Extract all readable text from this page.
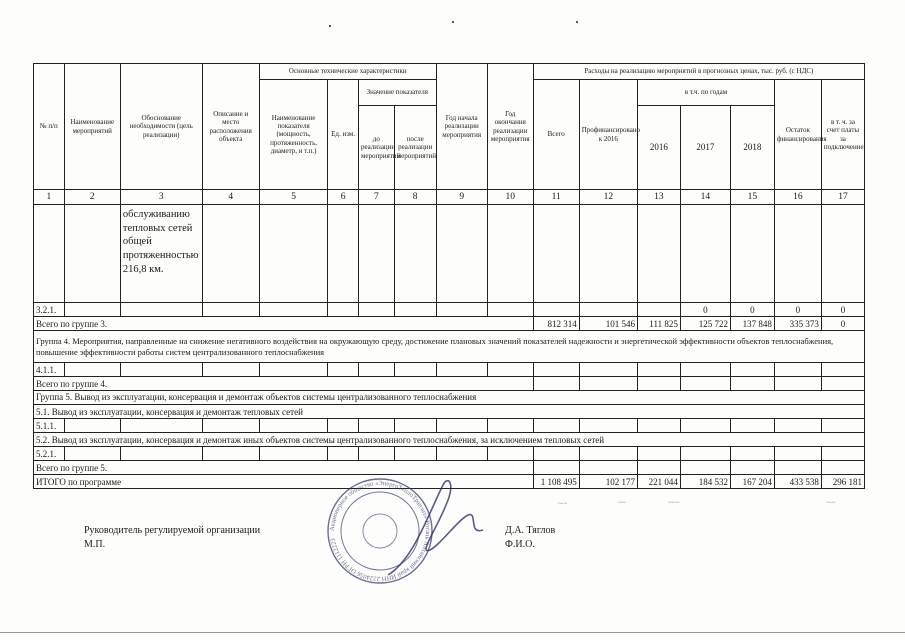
№ п/п	Наименование мероприятий	Обоснование необходимости (цель реализации)	Описание и место расположения объекта	Основные технические характеристики				Год начала реализации мероприятия	Год окончания реализации мероприятия	Расходы на реализацию мероприятий в прогнозных ценах, тыс. руб. (с НДС)						
				Наименование показателя (мощность, протяженность, диаметр, и т.п.)	Ед. изм.	Значение показателя				Всего	Профинансировано к 2016	в т.ч. по годам			Остаток финансирования	в т. ч. за счет платы за подключение
						до реализации мероприятий	после реализации мероприятий					2016	2017	2018		
1	2	3	4	5	6	7	8	9	10	11	12	13	14	15	16	17
		обслуживанию тепловых сетей общей протяженностью 216,8 км.														
3.2.1.													0	0	0	0
Всего по группе 3.										812 314	101 546	111 825	125 722	137 848	335 373	0
Группа 4. Мероприятия, направленные на снижение негативного воздействия на окружающую среду, достижение плановых значений показателей надежности и энергетической эффективности объектов теплоснабжения, повышение эффективности работы систем централизованного теплоснабжения																
4.1.1.																
Всего по группе 4.																
Группа 5. Вывод из эксплуатации, консервация и демонтаж объектов системы централизованного теплоснабжения																
5.1. Вывод из эксплуатации, консервация и демонтаж тепловых сетей																
5.1.1.																
5.2. Вывод из эксплуатации, консервация и демонтаж иных объектов системы централизованного теплоснабжения, за исключением тепловых сетей																
5.2.1.																
Всего по группе 5.																
ИТОГО по программе										1 108 495	102 177	221 044	184 532	167 204	433 538	296 181
~·~	~~	~~~	~·~
Руководитель регулируемой организации
М.П.
Д.А. Тяглов
Ф.И.О.
Акционерное общество «ЭнергоТеплоТранзит» Рогань Алтайский край ИНН 2224056 ОГРН 1112223
